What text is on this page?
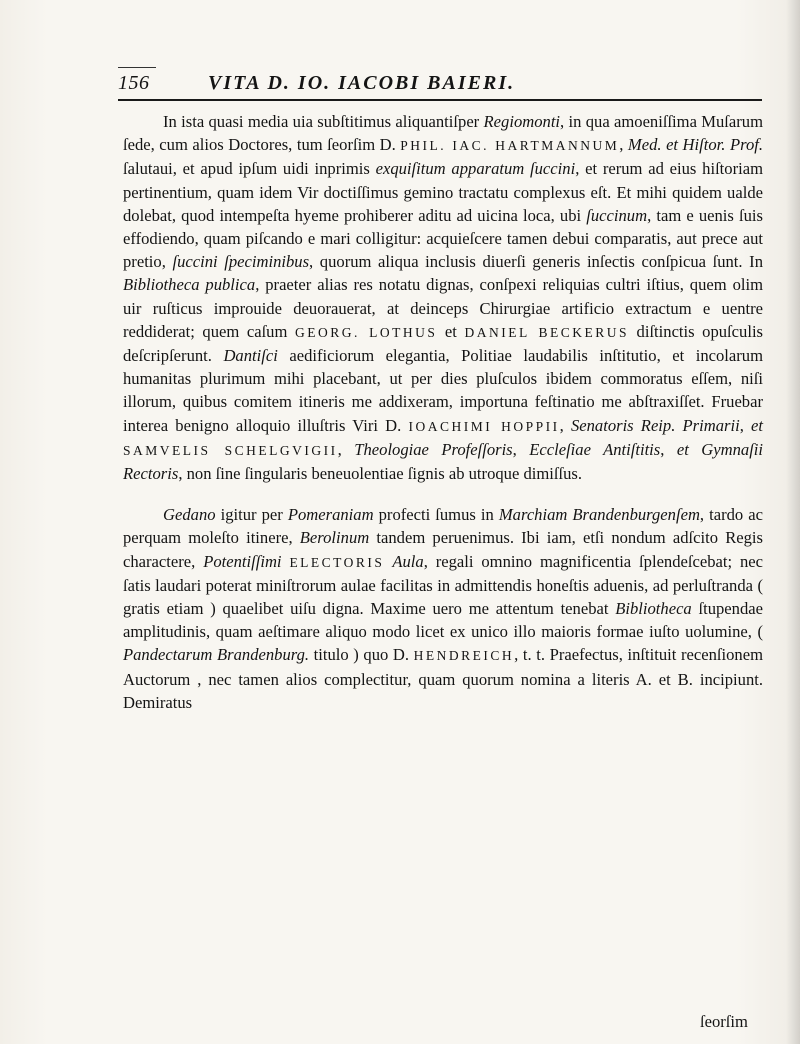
156	VITA D. IO. IACOBI BAIERI.

In ista quasi media uia subſtitimus aliquantiſper Regiomonti, in qua amoeniſſima Muſarum ſede, cum alios Doctores, tum ſeorſim D. PHIL. IAC. HARTMANNUM, Med. et Hiſtor. Prof. ſalutaui, et apud ipſum uidi inprimis exquiſitum apparatum ſuccini, et rerum ad eius hiſtoriam pertinentium, quam idem Vir doctiſſimus gemino tractatu complexus eſt. Et mihi quidem ualde dolebat, quod intempeſta hyeme prohiberer aditu ad uicina loca, ubi ſuccinum, tam e uenis ſuis effodiendo, quam piſcando e mari colligitur: acquieſcere tamen debui comparatis, aut prece aut pretio, ſuccini ſpeciminibus, quorum aliqua inclusis diuerſi generis inſectis conſpicua ſunt. In Bibliotheca publica, praeter alias res notatu dignas, conſpexi reliquias cultri iſtius, quem olim uir ruſticus improuide deuorauerat, at deinceps Chirurgiae artificio extractum e uentre reddiderat; quem caſum GEORG. LOTHUS et DANIEL BECKERUS diſtinctis opuſculis deſcripſerunt. Dantiſci aedificiorum elegantia, Politiae laudabilis inſtitutio, et incolarum humanitas plurimum mihi placebant, ut per dies pluſculos ibidem commoratus eſſem, niſi illorum, quibus comitem itineris me addixeram, importuna feſtinatio me abſtraxiſſet. Fruebar interea benigno alloquio illuſtris Viri D. IOACHIMI HOPPII, Senatoris Reip. Primarii, et SAMVELIS SCHELGVIGII, Theologiae Profeſſoris, Eccleſiae Antiſtitis, et Gymnaſii Rectoris, non ſine ſingularis beneuolentiae ſignis ab utroque dimiſſus.

Gedano igitur per Pomeraniam profecti ſumus in Marchiam Brandenburgenſem, tardo ac perquam moleſto itinere, Berolinum tandem peruenimus. Ibi iam, etſi nondum adſcito Regis charactere, Potentiſſimi ELECTORIS Aula, regali omnino magnificentia ſplendeſcebat; nec ſatis laudari poterat miniſtrorum aulae facilitas in admittendis honeſtis aduenis, ad perluſtranda ( gratis etiam ) quaelibet uiſu digna. Maxime uero me attentum tenebat Bibliotheca ſtupendae amplitudinis, quam aeſtimare aliquo modo licet ex unico illo maioris formae iuſto uolumine, ( Pandectarum Brandenburg. titulo ) quo D. HENDREICH, t. t. Praefectus, inſtituit recenſionem Auctorum , nec tamen alios complectitur, quam quorum nomina a literis A. et B. incipiunt. Demiratus

ſeorſim
